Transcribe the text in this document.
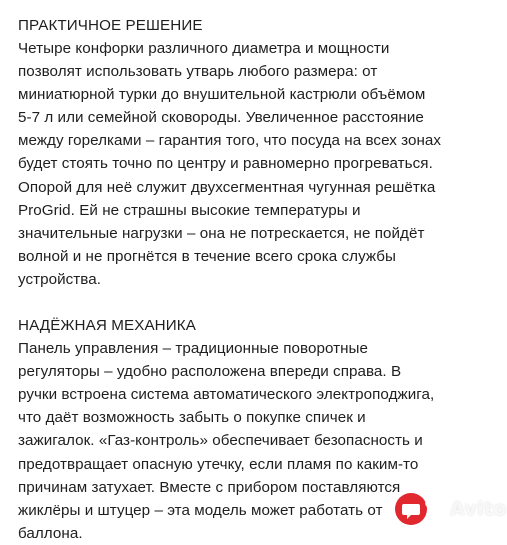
ПРАКТИЧНОЕ РЕШЕНИЕ
Четыре конфорки различного диаметра и мощности
позволят использовать утварь любого размера: от
миниатюрной турки до внушительной кастрюли объёмом
5-7 л или семейной сковороды. Увеличенное расстояние
между горелками – гарантия того, что посуда на всех зонах
будет стоять точно по центру и равномерно прогреваться.
Опорой для неё служит двухсегментная чугунная решётка
ProGrid. Ей не страшны высокие температуры и
значительные нагрузки – она не потрескается, не пойдёт
волной и не прогнётся в течение всего срока службы
устройства.
НАДЁЖНАЯ МЕХАНИКА
Панель управления – традиционные поворотные
регуляторы – удобно расположена впереди справа. В
ручки встроена система автоматического электроподжига,
что даёт возможность забыть о покупке спичек и
зажигалок. «Газ-контроль» обеспечивает безопасность и
предотвращает опасную утечку, если пламя по каким-то
причинам затухает. Вместе с прибором поставляются
жиклёры и штуцер – эта модель может работать от
баллона.
Avito
